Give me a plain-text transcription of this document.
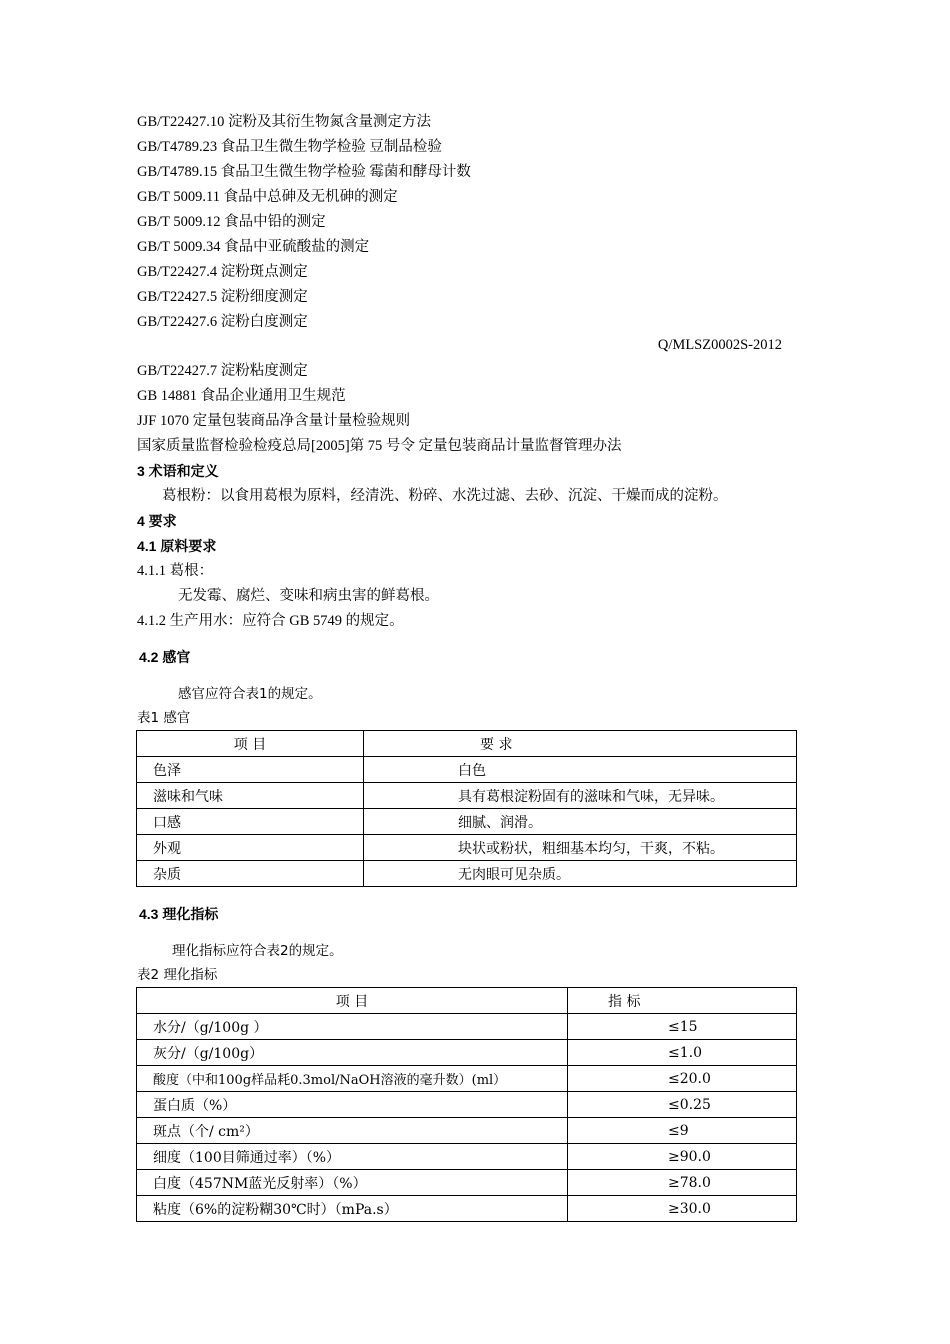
GB/T22427.10 淀粉及其衍生物氮含量测定方法
GB/T4789.23 食品卫生微生物学检验 豆制品检验
GB/T4789.15 食品卫生微生物学检验 霉菌和酵母计数
GB/T 5009.11 食品中总砷及无机砷的测定
GB/T 5009.12 食品中铅的测定
GB/T 5009.34 食品中亚硫酸盐的测定
GB/T22427.4 淀粉斑点测定
GB/T22427.5 淀粉细度测定
GB/T22427.6 淀粉白度测定
Q/MLSZ0002S-2012
GB/T22427.7 淀粉粘度测定
GB 14881 食品企业通用卫生规范
JJF 1070 定量包装商品净含量计量检验规则
国家质量监督检验检疫总局[2005]第 75 号令 定量包装商品计量监督管理办法
3 术语和定义
葛根粉：以食用葛根为原料，经清洗、粉碎、水洗过滤、去砂、沉淀、干燥而成的淀粉。
4 要求
4.1 原料要求
4.1.1 葛根：
无发霉、腐烂、变味和病虫害的鲜葛根。
4.1.2 生产用水：应符合 GB 5749 的规定。
4.2 感官
感官应符合表1的规定。
表1 感官
项 目	要 求
色泽	白色
滋味和气味	具有葛根淀粉固有的滋味和气味，无异味。
口感	细腻、润滑。
外观	块状或粉状，粗细基本均匀，干爽，不粘。
杂质	无肉眼可见杂质。
4.3 理化指标
理化指标应符合表2的规定。
表2 理化指标
项 目	指 标
水分/（g/100g ）	≤15
灰分/（g/100g）	≤1.0
酸度（中和100g样品耗0.3mol/NaOH溶液的毫升数）(ml）	≤20.0
蛋白质（%）	≤0.25
斑点（个/ cm²）	≤9
细度（100目筛通过率）（%）	≥90.0
白度（457NM蓝光反射率）（%）	≥78.0
粘度（6%的淀粉糊30℃时）（mPa.s）	≥30.0
